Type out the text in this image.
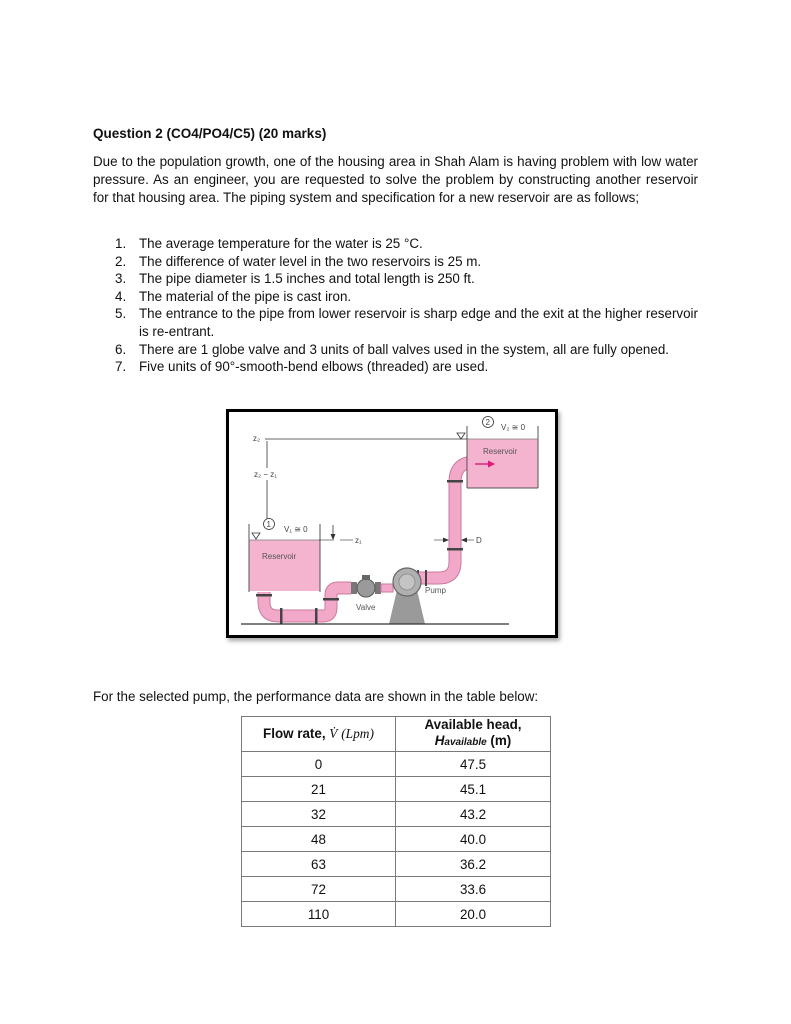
Question 2 (CO4/PO4/C5) (20 marks)
Due to the population growth, one of the housing area in Shah Alam is having problem with low water pressure. As an engineer, you are requested to solve the problem by constructing another reservoir for that housing area. The piping system and specification for a new reservoir are as follows;
1. The average temperature for the water is 25 °C.
2. The difference of water level in the two reservoirs is 25 m.
3. The pipe diameter is 1.5 inches and total length is 250 ft.
4. The material of the pipe is cast iron.
5. The entrance to the pipe from lower reservoir is sharp edge and the exit at the higher reservoir is re-entrant.
6. There are 1 globe valve and 3 units of ball valves used in the system, all are fully opened.
7. Five units of 90°-smooth-bend elbows (threaded) are used.
z₂
z₂ − z₁
1
V₁ ≅ 0
Reservoir
z₁
Valve
Pump
D
2
V₂ ≅ 0
Reservoir
For the selected pump, the performance data are shown in the table below:
Flow rate, V̇ (Lpm)	Available head,
Havailable (m)
0	47.5
21	45.1
32	43.2
48	40.0
63	36.2
72	33.6
110	20.0
